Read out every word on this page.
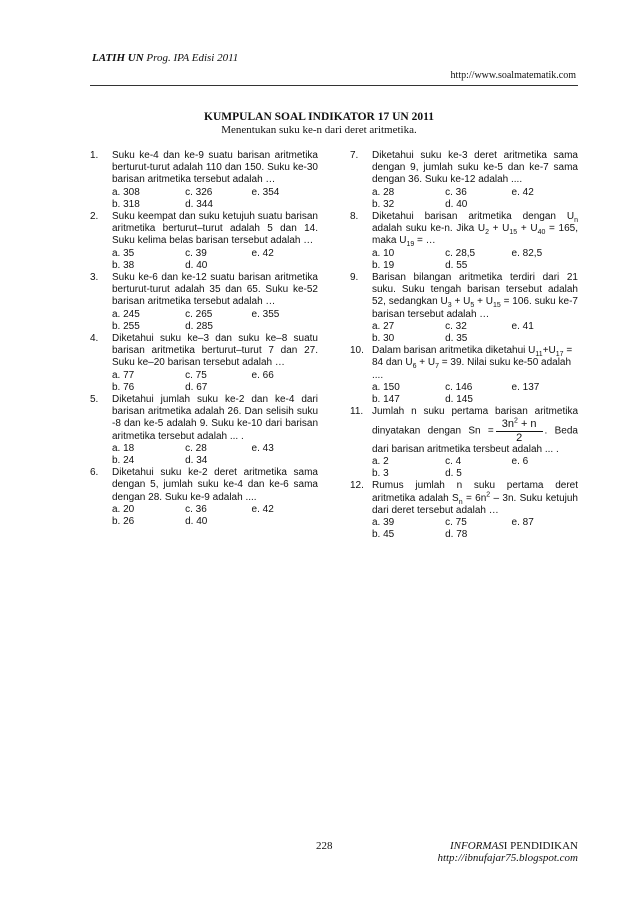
LATIH UN Prog. IPA Edisi 2011
http://www.soalmatematik.com
KUMPULAN SOAL INDIKATOR 17 UN 2011
Menentukan suku ke-n dari deret aritmetika.
1. Suku ke-4 dan ke-9 suatu barisan aritmetika berturut-turut adalah 110 dan 150. Suku ke-30 barisan aritmetika tersebut adalah …
a. 308	c. 326	e. 354
b. 318	d. 344
2. Suku keempat dan suku ketujuh suatu barisan aritmetika berturut–turut adalah 5 dan 14. Suku kelima belas barisan tersebut adalah …
a. 35	c. 39	e. 42
b. 38	d. 40
3. Suku ke-6 dan ke-12 suatu barisan aritmetika berturut-turut adalah 35 dan 65. Suku ke-52 barisan aritmetika tersebut adalah …
a. 245	c. 265	e. 355
b. 255	d. 285
4. Diketahui suku ke–3 dan suku ke–8 suatu barisan aritmetika berturut–turut 7 dan 27. Suku ke–20 barisan tersebut adalah …
a. 77	c. 75	e. 66
b. 76	d. 67
5. Diketahui jumlah suku ke-2 dan ke-4 dari barisan aritmetika adalah 26. Dan selisih suku -8 dan ke-5 adalah 9. Suku ke-10 dari barisan aritmetika tersebut adalah ... .
a. 18	c. 28	e. 43
b. 24	d. 34
6. Diketahui suku ke-2 deret aritmetika sama dengan 5, jumlah suku ke-4 dan ke-6 sama dengan 28. Suku ke-9 adalah ....
a. 20	c. 36	e. 42
b. 26	d. 40
7. Diketahui suku ke-3 deret aritmetika sama dengan 9, jumlah suku ke-5 dan ke-7 sama dengan 36. Suku ke-12 adalah ....
a. 28	c. 36	e. 42
b. 32	d. 40
8. Diketahui barisan aritmetika dengan $U_n$ adalah suku ke-n. Jika $U_2 + U_{15} + U_{40} = 165$, maka $U_{19}$ = …
a. 10	c. 28,5	e. 82,5
b. 19	d. 55
9. Barisan bilangan aritmetika terdiri dari 21 suku. Suku tengah barisan tersebut adalah 52, sedangkan $U_3 + U_5 + U_{15} = 106$. suku ke-7 barisan tersebut adalah …
a. 27	c. 32	e. 41
b. 30	d. 35
10. Dalam barisan aritmetika diketahui $U_{11}+U_{17} = 84$ dan $U_6 + U_7 = 39$. Nilai suku ke-50 adalah ....
a. 150	c. 146	e. 137
b. 147	d. 145
11. Jumlah n suku pertama barisan aritmetika dinyatakan dengan $Sn = \frac{3n^2 + n}{2}$ . Beda dari barisan aritmetika tersbeut adalah ... .
a. 2	c. 4	e. 6
b. 3	d. 5
12. Rumus jumlah n suku pertama deret aritmetika adalah $S_n = 6n^2 - 3n$. Suku ketujuh dari deret tersebut adalah …
a. 39	c. 75	e. 87
b. 45	d. 78
228	INFORMASI PENDIDIKAN
http://ibnufajar75.blogspot.com
